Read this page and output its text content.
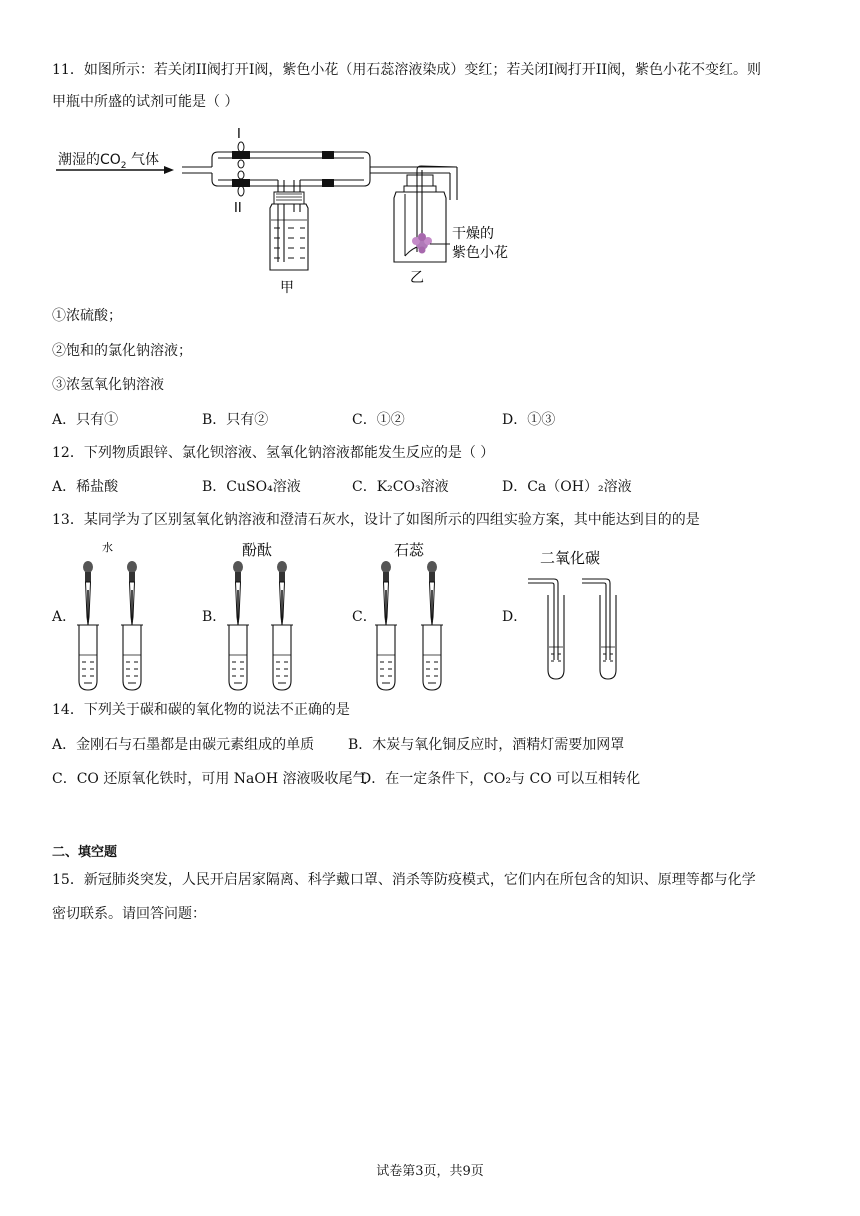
11．如图所示：若关闭II阀打开I阀，紫色小花（用石蕊溶液染成）变红；若关闭I阀打开II阀，紫色小花不变红。则
甲瓶中所盛的试剂可能是（ ）
潮湿的$CO_2$ 气体
I
II
甲
干燥的
紫色小花
乙
①浓硫酸；
②饱和的氯化钠溶液；
③浓氢氧化钠溶液
A．只有①	B．只有②	C．①②	D．①③
12．下列物质跟锌、氯化钡溶液、氢氧化钠溶液都能发生反应的是（ ）
A．稀盐酸	B．CuSO₄溶液	C．K₂CO₃溶液	D．Ca（OH）₂溶液
13．某同学为了区别氢氧化钠溶液和澄清石灰水，设计了如图所示的四组实验方案，其中能达到目的的是
A．	B．	C．	D．
水	酚酞	石蕊	二氧化碳
14．下列关于碳和碳的氧化物的说法不正确的是
A．金刚石与石墨都是由碳元素组成的单质 B．木炭与氧化铜反应时，酒精灯需要加网罩
C．CO 还原氧化铁时，可用 NaOH 溶液吸收尾气
D．在一定条件下，CO₂与 CO 可以互相转化
二、填空题
15．新冠肺炎突发，人民开启居家隔离、科学戴口罩、消杀等防疫模式，它们内在所包含的知识、原理等都与化学
密切联系。请回答问题：
试卷第3页，共9页
